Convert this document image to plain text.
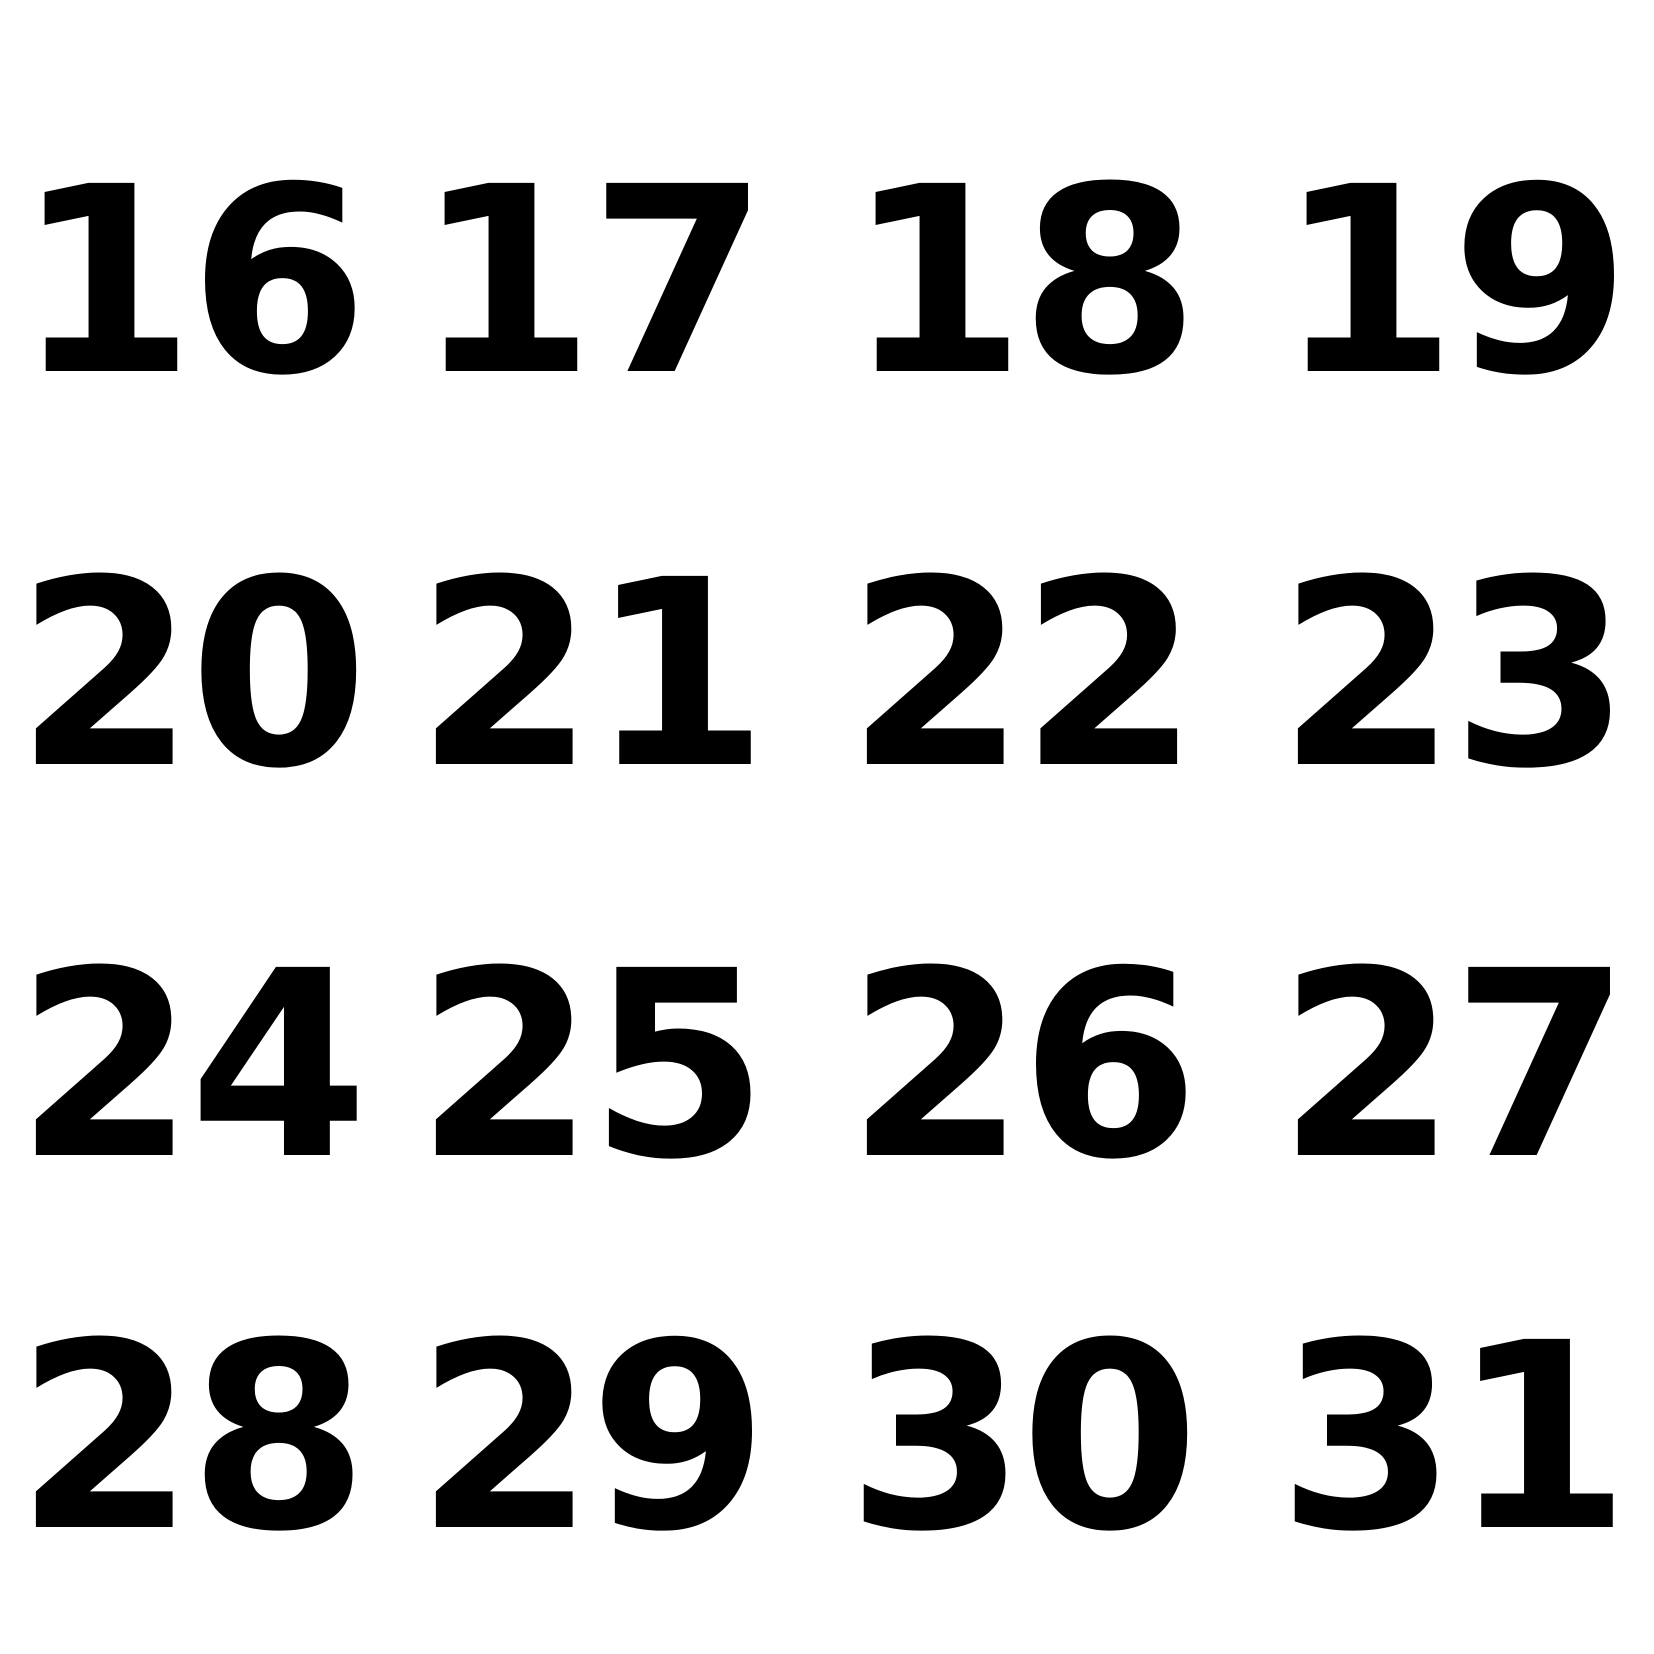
16 17 18 19
20 21 22 23
24 25 26 27
28 29 30 31
